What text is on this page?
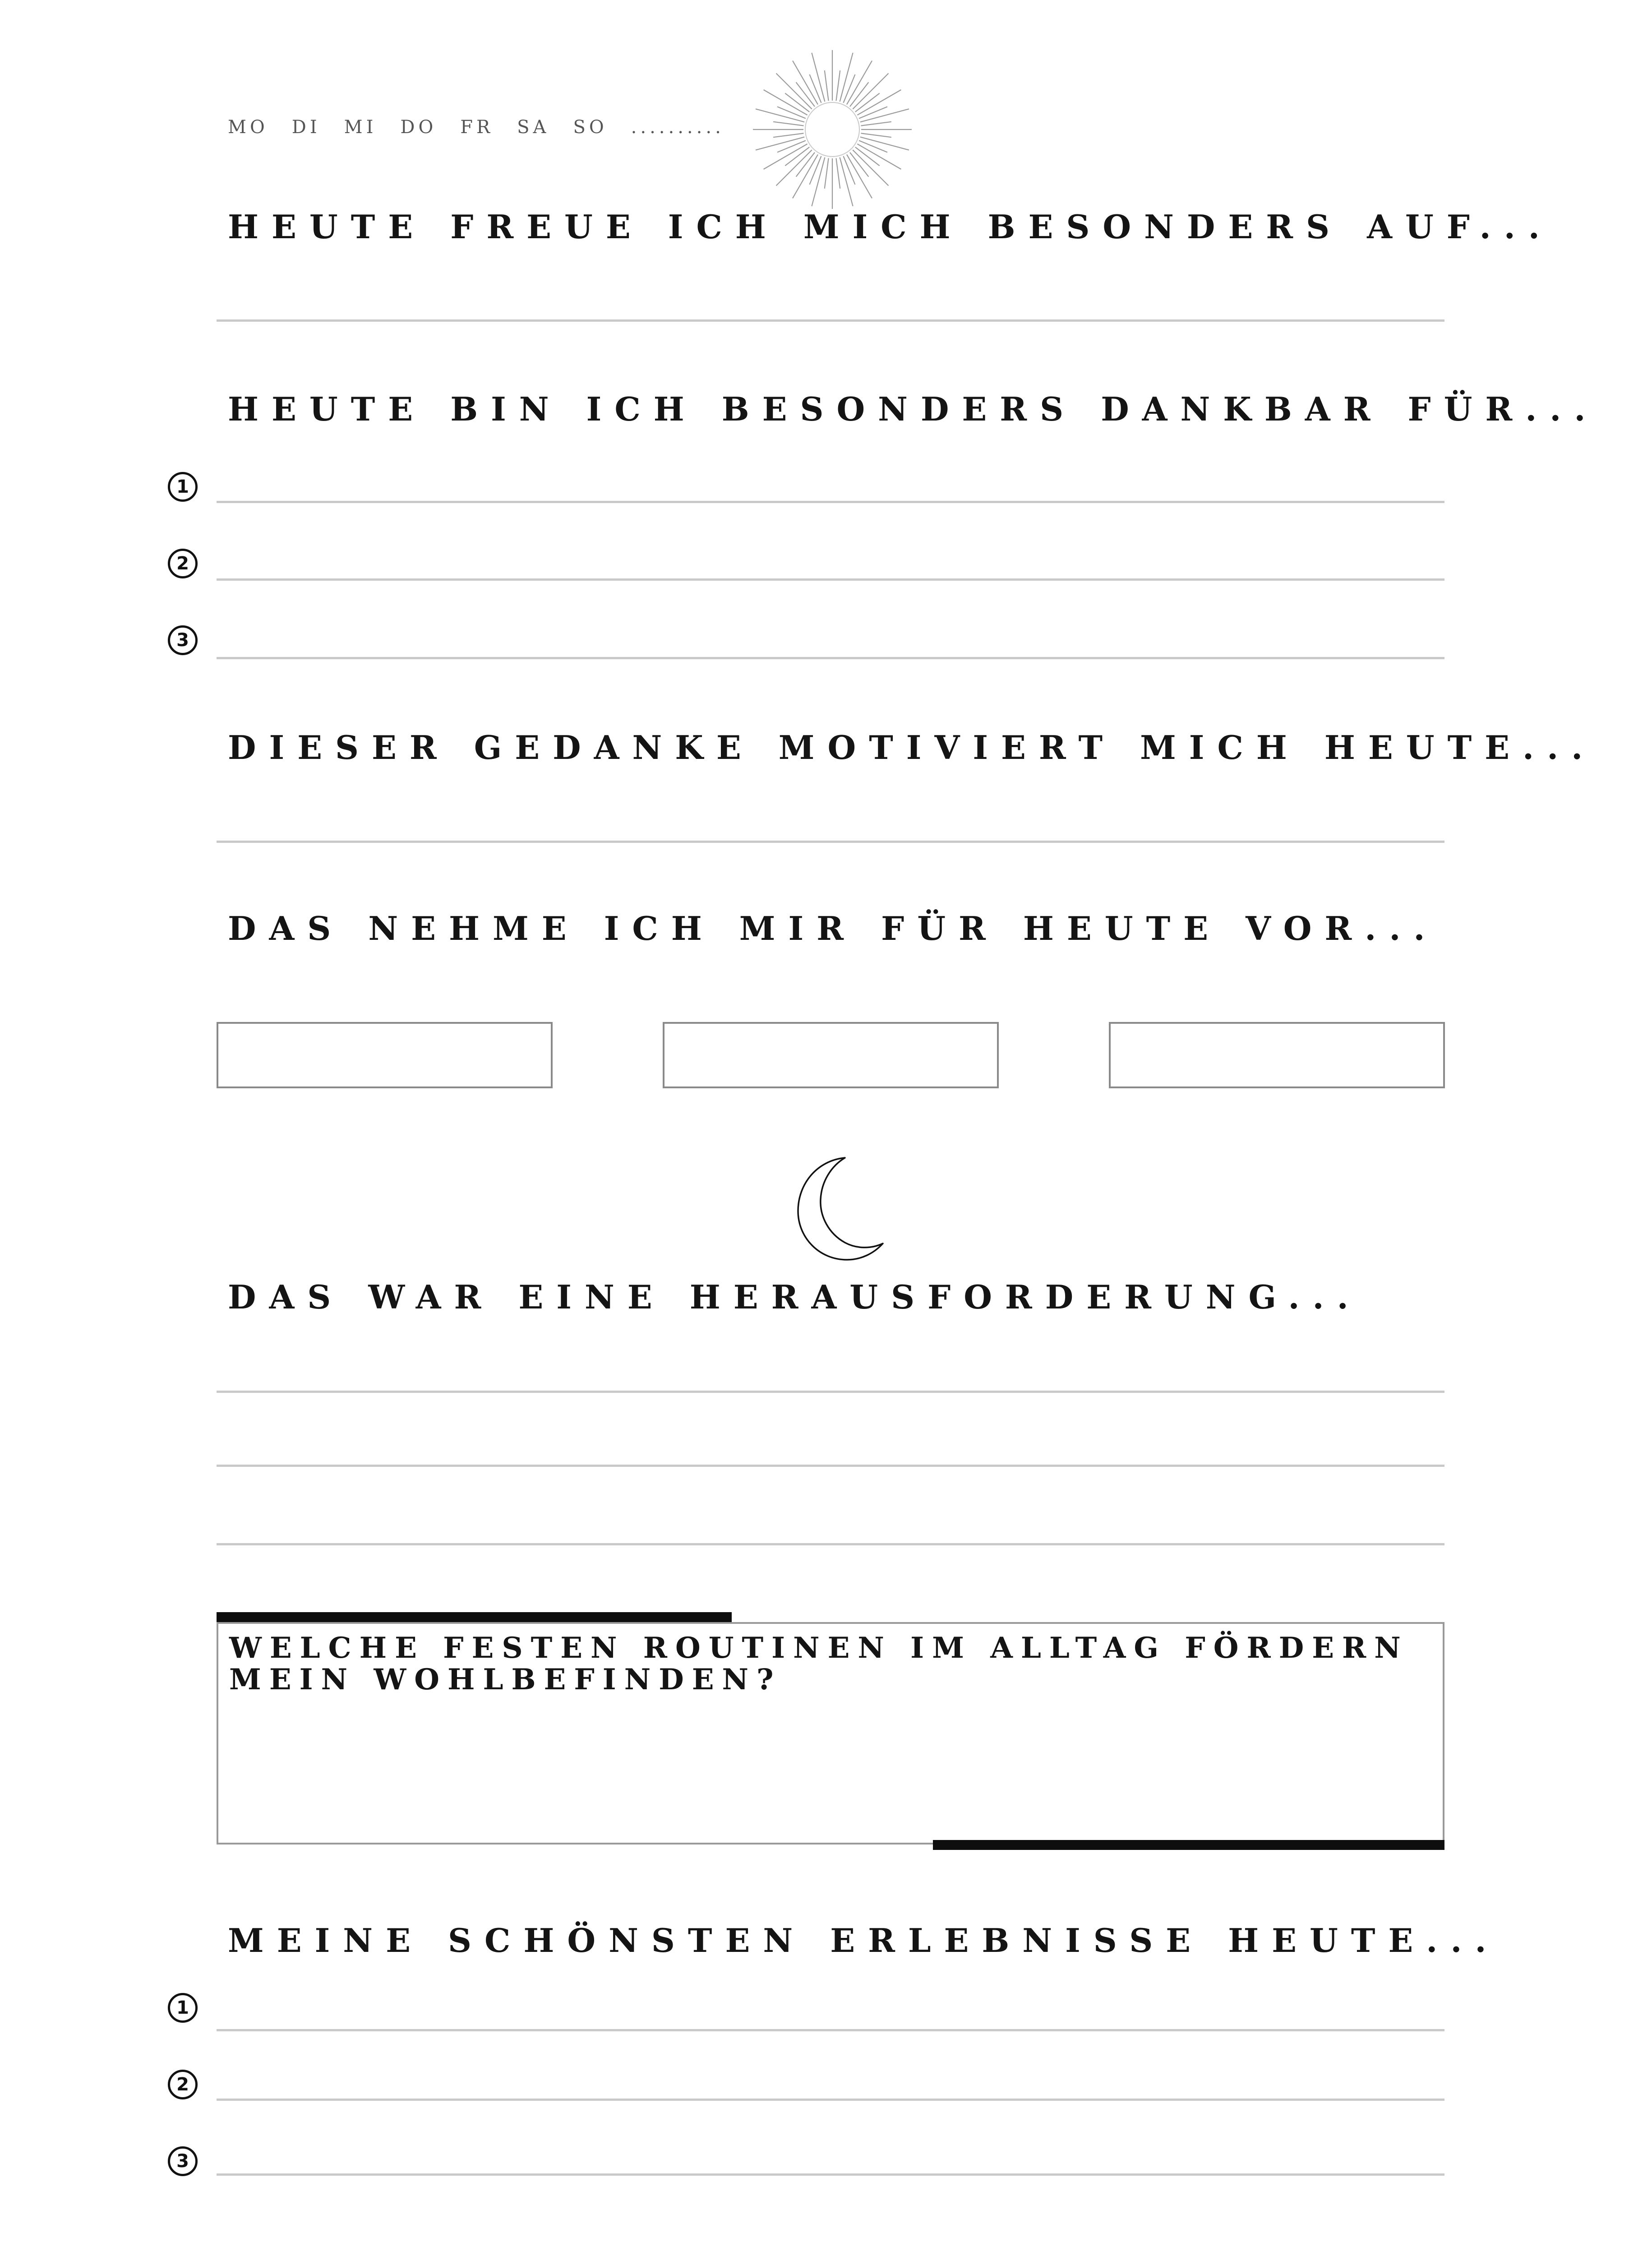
MO DI MI DO FR SA SO ..........
HEUTE FREUE ICH MICH BESONDERS AUF...
HEUTE BIN ICH BESONDERS DANKBAR FÜR...
1
2
3
DIESER GEDANKE MOTIVIERT MICH HEUTE...
DAS NEHME ICH MIR FÜR HEUTE VOR...
DAS WAR EINE HERAUSFORDERUNG...
WELCHE FESTEN ROUTINEN IM ALLTAG FÖRDERN
MEIN WOHLBEFINDEN?
MEINE SCHÖNSTEN ERLEBNISSE HEUTE...
1
2
3
